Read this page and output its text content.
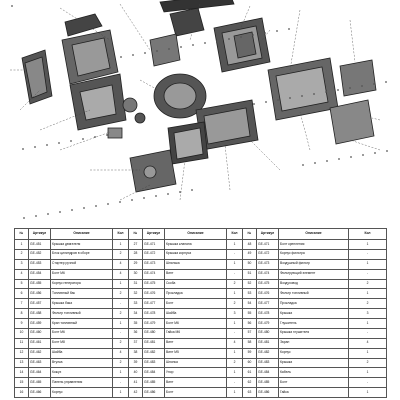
№	Артикул	Описание	Кол	№	Артикул	Описание	Кол	№	Артикул	Описание	Кол
1	GE-451	Крышка двигателя	1	27	GE-471	Крышка клапана	1	48	GE-471	Болт крепления	1
2	GE-452	Блок цилиндров в сборе	2	28	GE-472	Крышка корпуса	-	49	GE-472	Корпус фильтра	-
3	GE-453	Стартер ручной	4	29	GE-473	Шпилька	1	50	GE-473	Воздушный фильтр	1
4	GE-454	Болт M6	4	30	GE-474	Винт	-	51	GE-474	Фильтрующий элемент	-
5	GE-455	Корпус генератора	1	31	GE-475	Скоба	2	52	GE-475	Воздуховод	2
6	GE-456	Топливный бак	2	32	GE-476	Прокладка	1	53	GE-476	Фильтр топливный	1
7	GE-457	Крышка бака	-	33	GE-477	Болт	2	54	GE-477	Прокладка	2
8	GE-458	Фильтр топливный	2	34	GE-478	Шайба	3	55	GE-478	Крышка	3
9	GE-459	Кран топливный	1	35	GE-479	Болт М6	1	56	GE-479	Глушитель	1
10	GE-460	Болт М6	-	36	GE-480	Гайка М6	-	57	GE-480	Крышка глушителя	-
11	GE-461	Болт M8	2	37	GE-481	Винт	4	58	GE-481	Экран	4
12	GE-462	Шайба	4	38	GE-482	Винт M5	1	59	GE-482	Корпус	1
13	GE-463	Втулка	2	39	GE-483	Шпонка	2	60	GE-483	Крышка	2
14	GE-464	Кожух	1	40	GE-484	Упор	1	61	GE-484	Кабель	1
15	GE-465	Панель управления	-	41	GE-485	Винт	-	62	GE-485	Болт	-
16	GE-466	Корпус	1	42	GE-486	Болт	1	63	GE-486	Гайка	1
